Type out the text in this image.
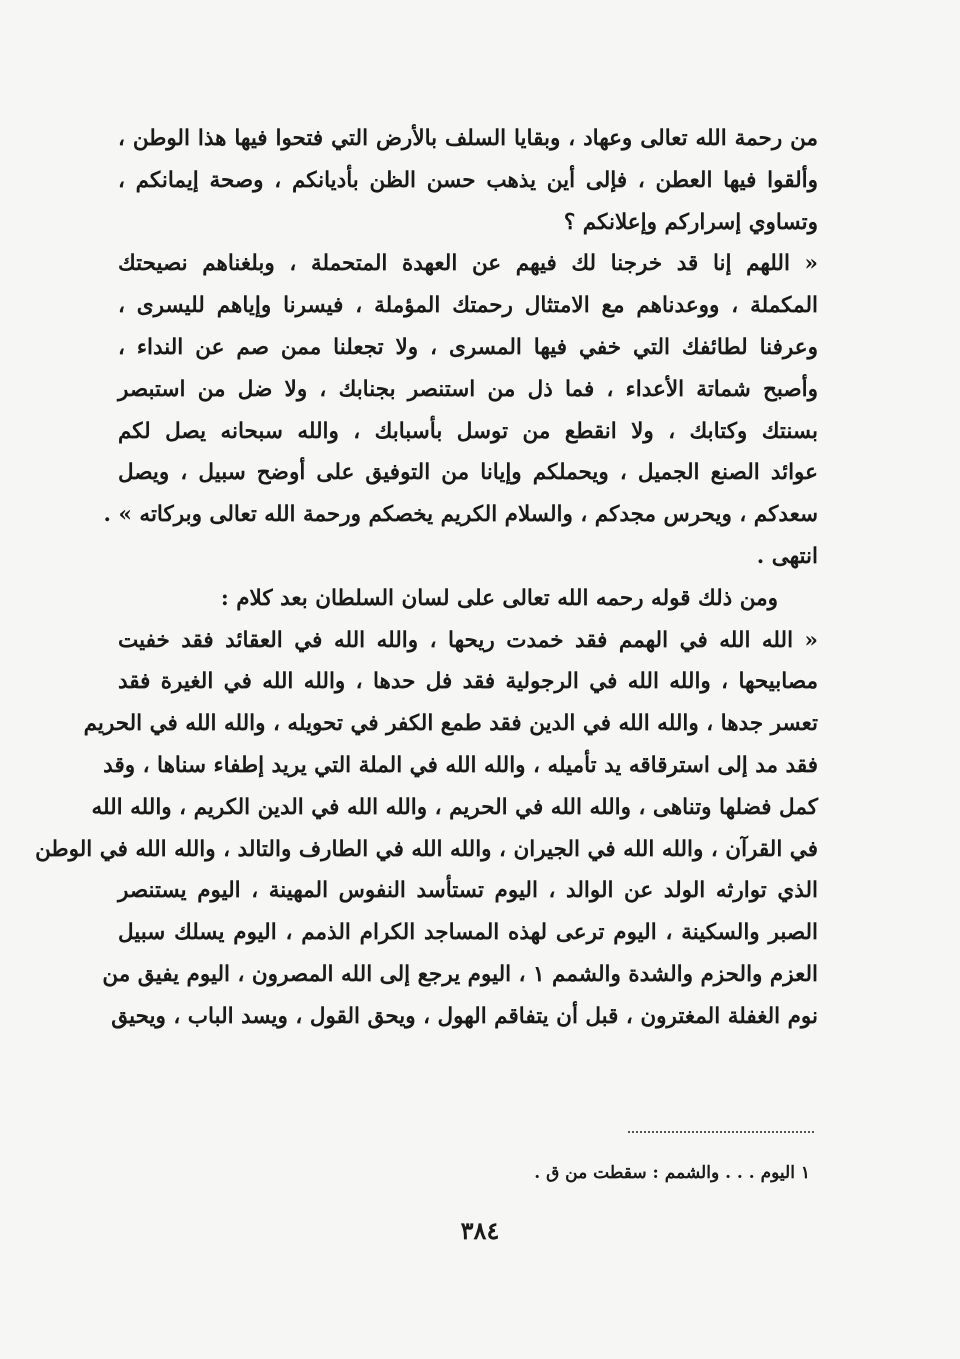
من رحمة الله تعالى وعهاد ، وبقايا السلف بالأرض التي فتحوا فيها هذا الوطن ،
وألقوا فيها العطن ، فإلى أين يذهب حسن الظن بأديانكم ، وصحة إيمانكم ،
وتساوي إسراركم وإعلانكم ؟
« اللهم إنا قد خرجنا لك فيهم عن العهدة المتحملة ، وبلغناهم نصيحتك
المكملة ، ووعدناهم مع الامتثال رحمتك المؤملة ، فيسرنا وإياهم لليسرى ،
وعرفنا لطائفك التي خفي فيها المسرى ، ولا تجعلنا ممن صم عن النداء ،
وأصبح شماتة الأعداء ، فما ذل من استنصر بجنابك ، ولا ضل من استبصر
بسنتك وكتابك ، ولا انقطع من توسل بأسبابك ، والله سبحانه يصل لكم
عوائد الصنع الجميل ، ويحملكم وإيانا من التوفيق على أوضح سبيل ، ويصل
سعدكم ، ويحرس مجدكم ، والسلام الكريم يخصكم ورحمة الله تعالى وبركاته » .
انتهى .
ومن ذلك قوله رحمه الله تعالى على لسان السلطان بعد كلام :
« الله الله في الهمم فقد خمدت ريحها ، والله الله في العقائد فقد خفيت
مصابيحها ، والله الله في الرجولية فقد فل حدها ، والله الله في الغيرة فقد
تعسر جدها ، والله الله في الدين فقد طمع الكفر في تحويله ، والله الله في الحريم
فقد مد إلى استرقاقه يد تأميله ، والله الله في الملة التي يريد إطفاء سناها ، وقد
كمل فضلها وتناهى ، والله الله في الحريم ، والله الله في الدين الكريم ، والله الله
في القرآن ، والله الله في الجيران ، والله الله في الطارف والتالد ، والله الله في الوطن
الذي توارثه الولد عن الوالد ، اليوم تستأسد النفوس المهينة ، اليوم يستنصر
الصبر والسكينة ، اليوم ترعى لهذه المساجد الكرام الذمم ، اليوم يسلك سبيل
العزم والحزم والشدة والشمم ١ ، اليوم يرجع إلى الله المصرون ، اليوم يفيق من
نوم الغفلة المغترون ، قبل أن يتفاقم الهول ، ويحق القول ، ويسد الباب ، ويحيق
١ اليوم . . . والشمم : سقطت من ق .
٣٨٤
